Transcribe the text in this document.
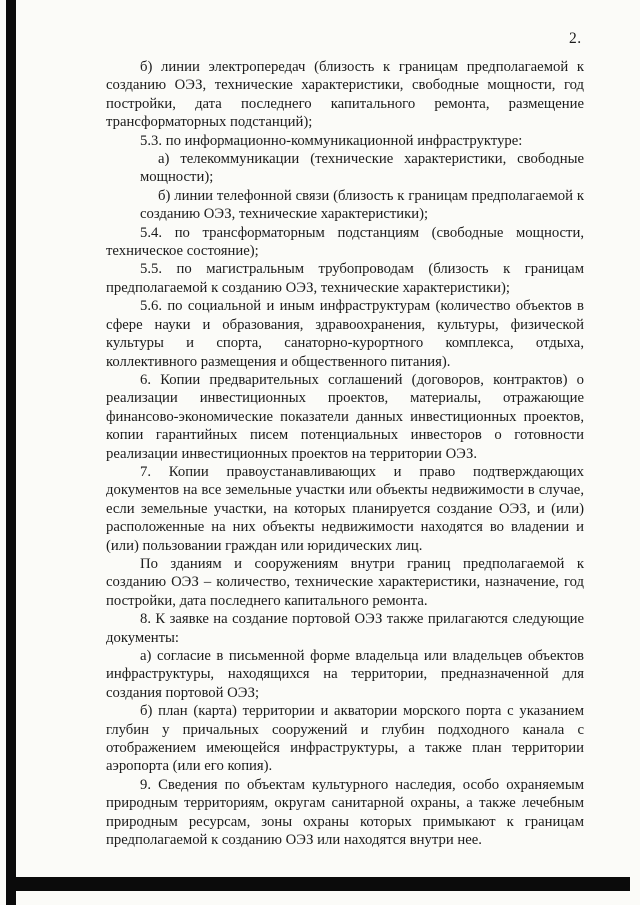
2.

б) линии электропередач (близость к границам предполагаемой к созданию ОЭЗ, технические характеристики, свободные мощности, год постройки, дата последнего капитального ремонта, размещение трансформаторных подстанций);

5.3. по информационно-коммуникационной инфраструктуре:

а) телекоммуникации (технические характеристики, свободные мощности);

б) линии телефонной связи (близость к границам предполагаемой к созданию ОЭЗ, технические характеристики);

5.4. по трансформаторным подстанциям (свободные мощности, техническое состояние);

5.5. по магистральным трубопроводам (близость к границам предполагаемой к созданию ОЭЗ, технические характеристики);

5.6. по социальной и иным инфраструктурам (количество объектов в сфере науки и образования, здравоохранения, культуры, физической культуры и спорта, санаторно-курортного комплекса, отдыха, коллективного размещения и общественного питания).

6. Копии предварительных соглашений (договоров, контрактов) о реализации инвестиционных проектов, материалы, отражающие финансово-экономические показатели данных инвестиционных проектов, копии гарантийных писем потенциальных инвесторов о готовности реализации инвестиционных проектов на территории ОЭЗ.

7. Копии правоустанавливающих и право подтверждающих документов на все земельные участки или объекты недвижимости в случае, если земельные участки, на которых планируется создание ОЭЗ, и (или) расположенные на них объекты недвижимости находятся во владении и (или) пользовании граждан или юридических лиц.

По зданиям и сооружениям внутри границ предполагаемой к созданию ОЭЗ – количество, технические характеристики, назначение, год постройки, дата последнего капитального ремонта.

8. К заявке на создание портовой ОЭЗ также прилагаются следующие документы:

а) согласие в письменной форме владельца или владельцев объектов инфраструктуры, находящихся на территории, предназначенной для создания портовой ОЭЗ;

б) план (карта) территории и акватории морского порта с указанием глубин у причальных сооружений и глубин подходного канала с отображением имеющейся инфраструктуры, а также план территории аэропорта (или его копия).

9. Сведения по объектам культурного наследия, особо охраняемым природным территориям, округам санитарной охраны, а также лечебным природным ресурсам, зоны охраны которых примыкают к границам предполагаемой к созданию ОЭЗ или находятся внутри нее.
